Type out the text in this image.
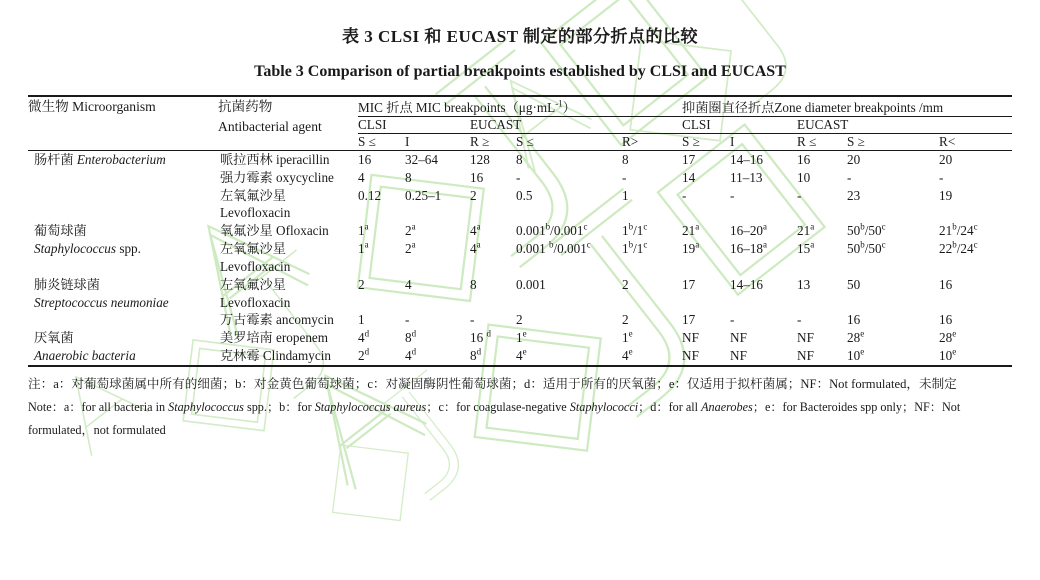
表 3 CLSI 和 EUCAST 制定的部分折点的比较
Table 3 Comparison of partial breakpoints established by CLSI and EUCAST
微生物 Microorganism	抗菌药物
Antibacterial agent	MIC 折点 MIC $breakpoints(\mu g\cdot mL^{-1})$					抑菌圈直径折点Zone diameter breakpoints /mm				
		CLSI		EUCAST			CLSI		EUCAST		
		S ≤	I	R ≥	S ≤	R>	S ≥	I	R ≤	S ≥	R<
肠杆菌 Enterobacterium	哌拉西林 iperacillin	16	32–64	128	8	8	17	14–16	16	20	20
	强力霉素 oxycycline	4	8	16	-	-	14	11–13	10	-	-
	左氧氟沙星	0.12	0.25–1	2	0.5	1	-	-	-	23	19
	Levofloxacin										
葡萄球菌	氧氟沙星 Ofloxacin	1$^a$	2$^a$	4$^a$	0.001$^b$/0.001$^c$	1$^b$/1$^c$	21$^a$	16–20$^a$	21$^a$	50$^b$/50$^c$	21$^b$/24$^c$
Staphylococcus spp.	左氧氟沙星	1$^a$	2$^a$	4$^a$	0.001 $^b$/0.001$^c$	1$^b$/1$^c$	19$^a$	16–18$^a$	15$^a$	50$^b$/50$^c$	22$^b$/24$^c$
	Levofloxacin										
肺炎链球菌	左氧氟沙星	2	4	8	0.001	2	17	14–16	13	50	16
Streptococcus neumoniae	Levofloxacin										
	万古霉素 ancomycin	1	-	-	2	2	17	-	-	16	16
厌氧菌	美罗培南 eropenem	4$^d$	8$^d$	16 $^d$	1e	1e	NF	NF	NF	28e	28e
Anaerobic bacteria	克林霉 Clindamycin	2$^d$	4$^d$	8$^d$	4e	4e	NF	NF	NF	10e	10e
注：a：对葡萄球菌属中所有的细菌；b：对金黄色葡萄球菌；c：对凝固酶阴性葡萄球菌；d：适用于所有的厌氧菌；e：仅适用于拟杆菌属；NF：Not formulated，未制定
Note：a：for all bacteria in Staphylococcus spp.；b：for Staphylococcus aureus；c：for coagulase-negative Staphylococci；d：for all Anaerobes；e：for Bacteroides spp only；NF：Not formulated，not formulated
